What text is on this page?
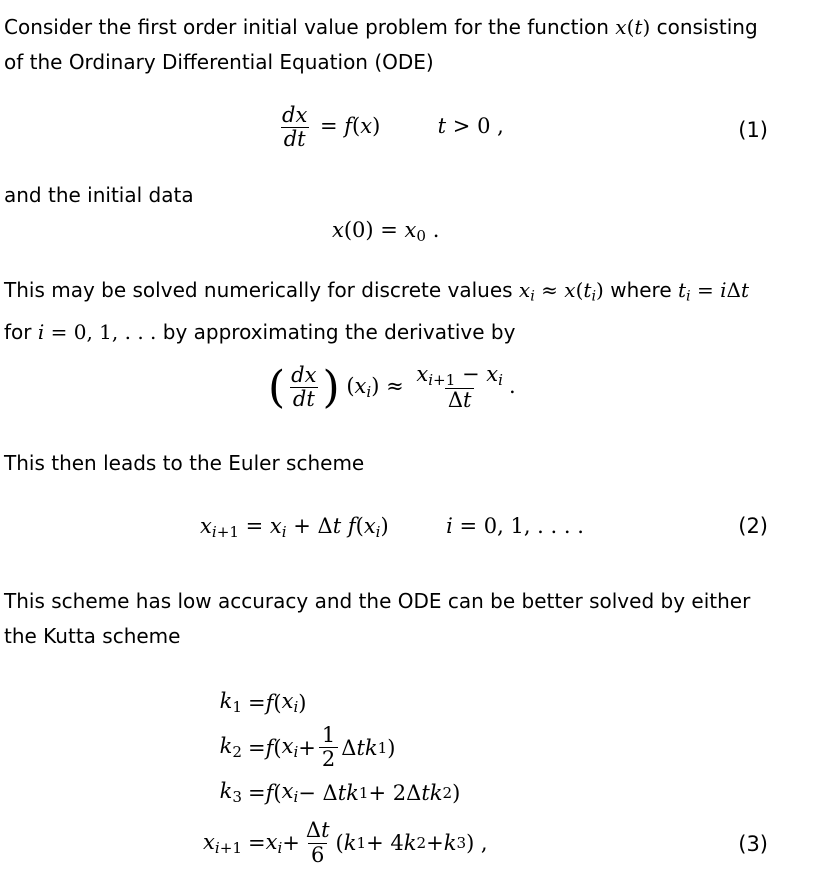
Consider the first order initial value problem for the function x(t) consisting of the Ordinary Differential Equation (ODE)

$\frac{dx}{dt} = f(x)$	t > 0 ,	(1)

and the initial data

$x(0) = x_0$ .

This may be solved numerically for discrete values $x_i \approx x(t_i)$ where $t_i = i\Delta t$ for i = 0, 1, . . . by approximating the derivative by

( $\frac{dx}{dt}$ ) $(x_i) \approx \frac{x_{i+1} - x_i}{\Delta t}$ .

This then leads to the Euler scheme

$x_{i+1} = x_i + \Delta t$ $f(x_i)$	i = 0, 1, . . . .	(2)

This scheme has low accuracy and the ODE can be better solved by either the Kutta scheme

$k_1 = f$ ( $x_i$ )
$k_2 = f$ ( $x_i + \frac{1}{2}$ Δ tk 1 )
$k_3 = f$ ( $x_i - \Delta$ tk 1 + 2Δ tk 2 )
$x_{i+1} = x_i + \frac{\Delta t}{6}$ ( k 1 + 4 k 2 + k 3 ) ,	(3)
